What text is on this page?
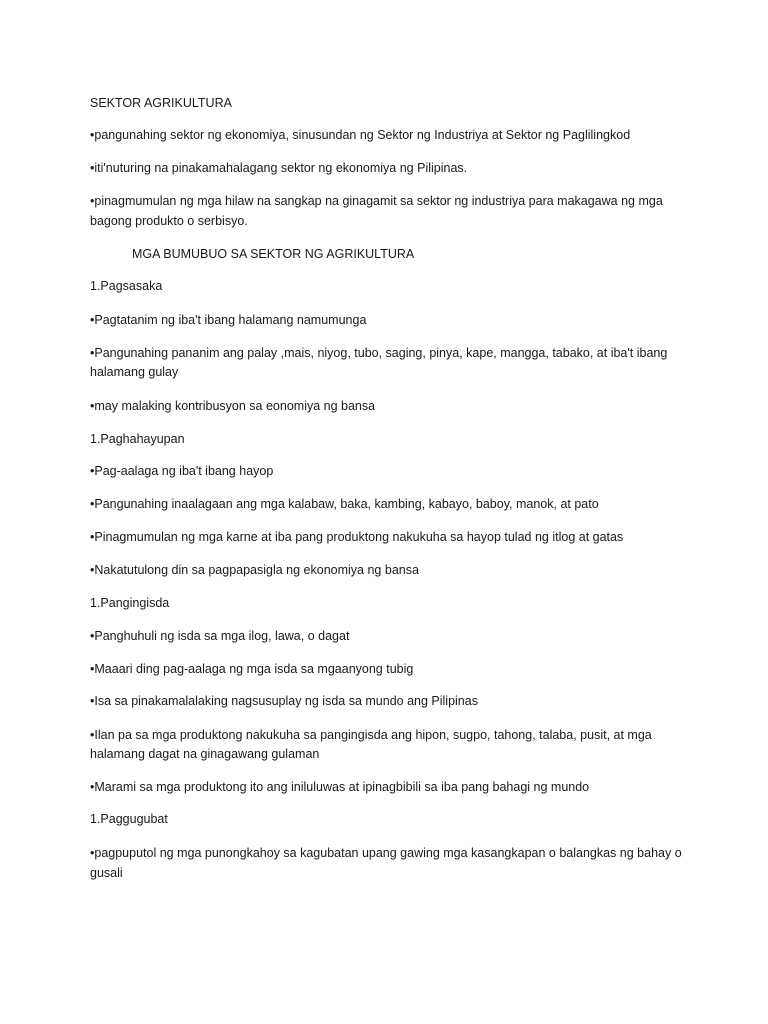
SEKTOR AGRIKULTURA

•pangunahing sektor ng ekonomiya, sinusundan ng Sektor ng Industriya at Sektor ng Paglilingkod

•iti'nuturing na pinakamahalagang sektor ng ekonomiya ng Pilipinas.

•pinagmumulan ng mga hilaw na sangkap na ginagamit sa sektor ng industriya para makagawa ng mga

bagong produkto o serbisyo.

MGA BUMUBUO SA SEKTOR NG AGRIKULTURA

1.Pagsasaka

•Pagtatanim ng iba't ibang halamang namumunga

•Pangunahing pananim ang palay ,mais, niyog, tubo, saging, pinya, kape, mangga, tabako, at iba't ibang

halamang gulay

•may malaking kontribusyon sa eonomiya ng bansa

1.Paghahayupan

•Pag-aalaga ng iba't ibang hayop

•Pangunahing inaalagaan ang mga kalabaw, baka, kambing, kabayo, baboy, manok, at pato

•Pinagmumulan ng mga karne at iba pang produktong nakukuha sa hayop tulad ng itlog at gatas

•Nakatutulong din sa pagpapasigla ng ekonomiya ng bansa

1.Pangingisda

•Panghuhuli ng isda sa mga ilog, lawa, o dagat

•Maaari ding pag-aalaga ng mga isda sa mgaanyong tubig

•Isa sa pinakamalalaking nagsusuplay ng isda sa mundo ang Pilipinas

•Ilan pa sa mga produktong nakukuha sa pangingisda ang hipon, sugpo, tahong, talaba, pusit, at mga

halamang dagat na ginagawang gulaman

•Marami sa mga produktong ito ang iniluluwas at ipinagbibili sa iba pang bahagi ng mundo

1.Paggugubat

•pagpuputol ng mga punongkahoy sa kagubatan upang gawing mga kasangkapan o balangkas ng bahay o

gusali
